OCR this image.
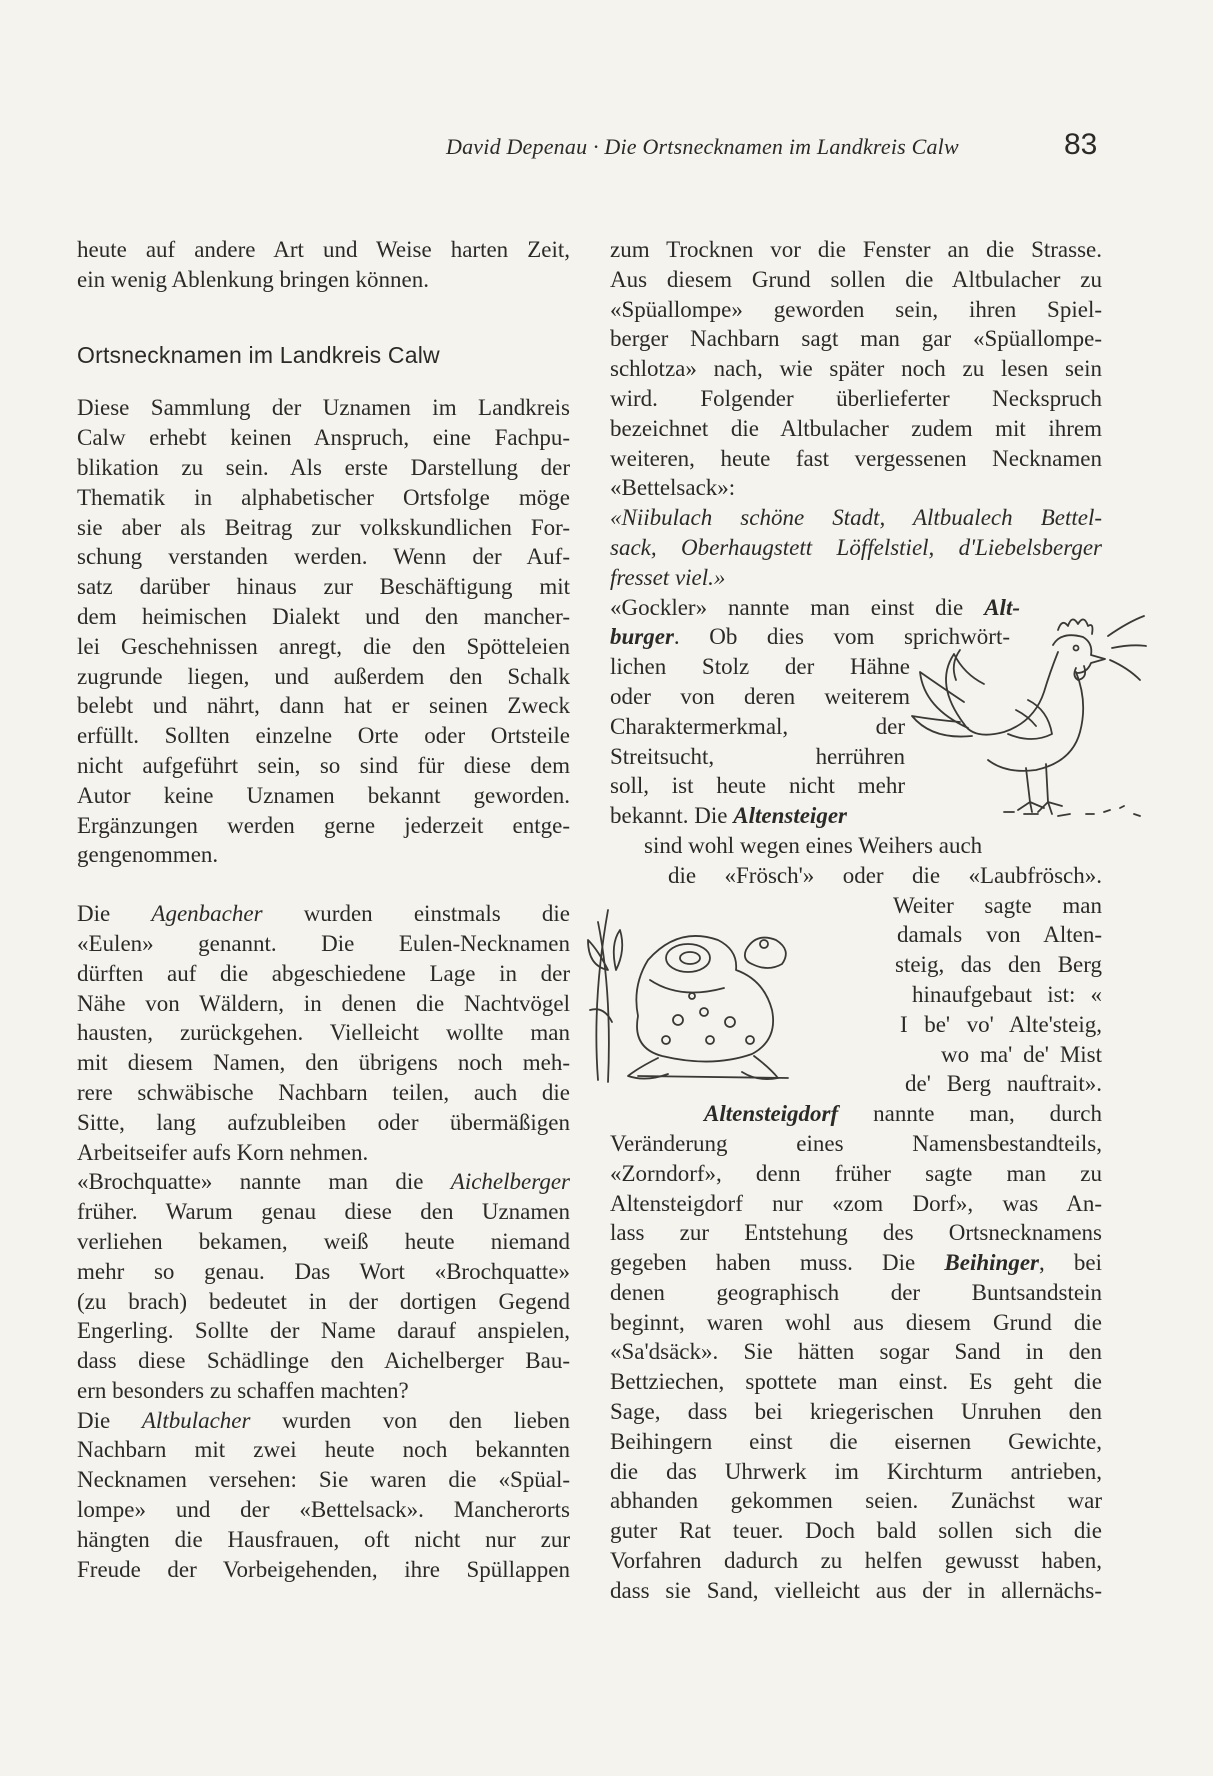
David Depenau · Die Ortsnecknamen im Landkreis Calw	83
heute auf andere Art und Weise harten Zeit,
ein wenig Ablenkung bringen können.

Ortsnecknamen im Landkreis Calw

Diese Sammlung der Uznamen im Landkreis
Calw erhebt keinen Anspruch, eine Fachpu-
blikation zu sein. Als erste Darstellung der
Thematik in alphabetischer Ortsfolge möge
sie aber als Beitrag zur volkskundlichen For-
schung verstanden werden. Wenn der Auf-
satz darüber hinaus zur Beschäftigung mit
dem heimischen Dialekt und den mancher-
lei Geschehnissen anregt, die den Spötteleien
zugrunde liegen, und außerdem den Schalk
belebt und nährt, dann hat er seinen Zweck
erfüllt. Sollten einzelne Orte oder Ortsteile
nicht aufgeführt sein, so sind für diese dem
Autor keine Uznamen bekannt geworden.
Ergänzungen werden gerne jederzeit entge-
gengenommen.
Die Agenbacher wurden einstmals die
«Eulen» genannt. Die Eulen-Necknamen
dürften auf die abgeschiedene Lage in der
Nähe von Wäldern, in denen die Nachtvögel
hausten, zurückgehen. Vielleicht wollte man
mit diesem Namen, den übrigens noch meh-
rere schwäbische Nachbarn teilen, auch die
Sitte, lang aufzubleiben oder übermäßigen
Arbeitseifer aufs Korn nehmen.
«Brochquatte» nannte man die Aichelberger
früher. Warum genau diese den Uznamen
verliehen bekamen, weiß heute niemand
mehr so genau. Das Wort «Brochquatte»
(zu brach) bedeutet in der dortigen Gegend
Engerling. Sollte der Name darauf anspielen,
dass diese Schädlinge den Aichelberger Bau-
ern besonders zu schaffen machten?
Die Altbulacher wurden von den lieben
Nachbarn mit zwei heute noch bekannten
Necknamen versehen: Sie waren die «Spüal-
lompe» und der «Bettelsack». Mancherorts
hängten die Hausfrauen, oft nicht nur zur
Freude der Vorbeigehenden, ihre Spüllappen
zum Trocknen vor die Fenster an die Strasse.
Aus diesem Grund sollen die Altbulacher zu
«Spüallompe» geworden sein, ihren Spiel-
berger Nachbarn sagt man gar «Spüallompe-
schlotza» nach, wie später noch zu lesen sein
wird. Folgender überlieferter Neckspruch
bezeichnet die Altbulacher zudem mit ihrem
weiteren, heute fast vergessenen Necknamen
«Bettelsack»:
«Niibulach schöne Stadt, Altbualech Bettel-
sack, Oberhaugstett Löffelstiel, d'Liebelsberger
fresset viel.»
«Gockler» nannte man einst die Alt-
burger. Ob dies vom sprichwört-
lichen Stolz der Hähne
oder von deren weiterem
Charaktermerkmal, der
Streitsucht, herrühren
soll, ist heute nicht mehr
bekannt. Die Altensteiger
sind wohl wegen eines Weihers auch
die «Frösch'» oder die «Laubfrösch».
Weiter sagte man
damals von Alten-
steig, das den Berg
hinaufgebaut ist: «
I be' vo' Alte'steig,
wo ma' de' Mist
de' Berg nauftrait».
Altensteigdorf nannte man, durch
Veränderung eines Namensbestandteils,
«Zorndorf», denn früher sagte man zu
Altensteigdorf nur «zom Dorf», was An-
lass zur Entstehung des Ortsnecknamens
gegeben haben muss. Die Beihinger, bei
denen geographisch der Buntsandstein
beginnt, waren wohl aus diesem Grund die
«Sa'dsäck». Sie hätten sogar Sand in den
Bettziechen, spottete man einst. Es geht die
Sage, dass bei kriegerischen Unruhen den
Beihingern einst die eisernen Gewichte,
die das Uhrwerk im Kirchturm antrieben,
abhanden gekommen seien. Zunächst war
guter Rat teuer. Doch bald sollen sich die
Vorfahren dadurch zu helfen gewusst haben,
dass sie Sand, vielleicht aus der in allernächs-
